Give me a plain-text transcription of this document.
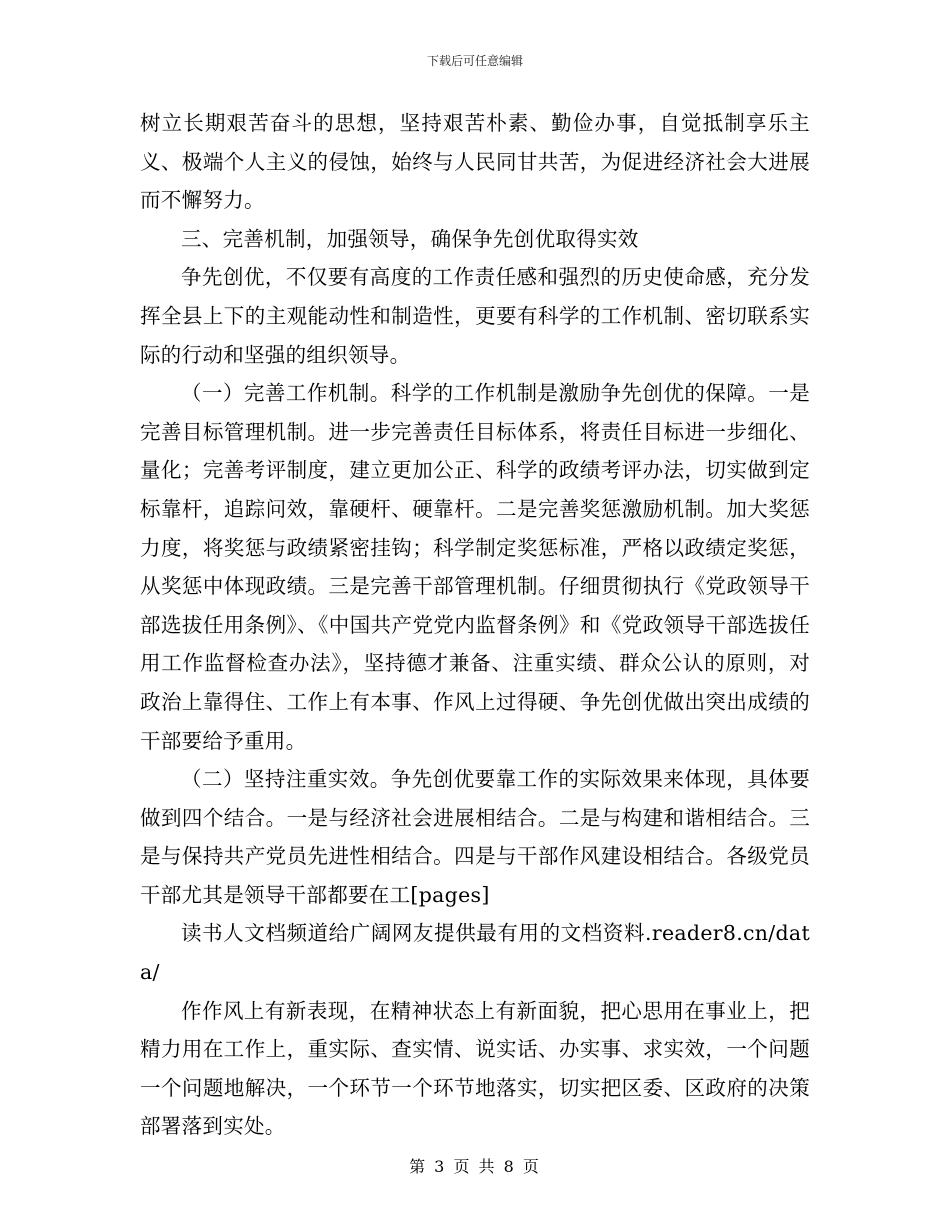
下载后可任意编辑

树立长期艰苦奋斗的思想，坚持艰苦朴素、勤俭办事，自觉抵制享乐主义、极端个人主义的侵蚀，始终与人民同甘共苦，为促进经济社会大进展而不懈努力。

三、完善机制，加强领导，确保争先创优取得实效

争先创优，不仅要有高度的工作责任感和强烈的历史使命感，充分发挥全县上下的主观能动性和制造性，更要有科学的工作机制、密切联系实际的行动和坚强的组织领导。

（一）完善工作机制。科学的工作机制是激励争先创优的保障。一是完善目标管理机制。进一步完善责任目标体系，将责任目标进一步细化、量化；完善考评制度，建立更加公正、科学的政绩考评办法，切实做到定标靠杆，追踪问效，靠硬杆、硬靠杆。二是完善奖惩激励机制。加大奖惩力度，将奖惩与政绩紧密挂钩；科学制定奖惩标准，严格以政绩定奖惩，从奖惩中体现政绩。三是完善干部管理机制。仔细贯彻执行《党政领导干部选拔任用条例》、《中国共产党党内监督条例》和《党政领导干部选拔任用工作监督检查办法》，坚持德才兼备、注重实绩、群众公认的原则，对政治上靠得住、工作上有本事、作风上过得硬、争先创优做出突出成绩的干部要给予重用。

（二）坚持注重实效。争先创优要靠工作的实际效果来体现，具体要做到四个结合。一是与经济社会进展相结合。二是与构建和谐相结合。三是与保持共产党员先进性相结合。四是与干部作风建设相结合。各级党员干部尤其是领导干部都要在工[pages]

读书人文档频道给广阔网友提供最有用的文档资料.reader8.cn/data/

作作风上有新表现，在精神状态上有新面貌，把心思用在事业上，把精力用在工作上，重实际、查实情、说实话、办实事、求实效，一个问题一个问题地解决，一个环节一个环节地落实，切实把区委、区政府的决策部署落到实处。

第 3 页 共 8 页
